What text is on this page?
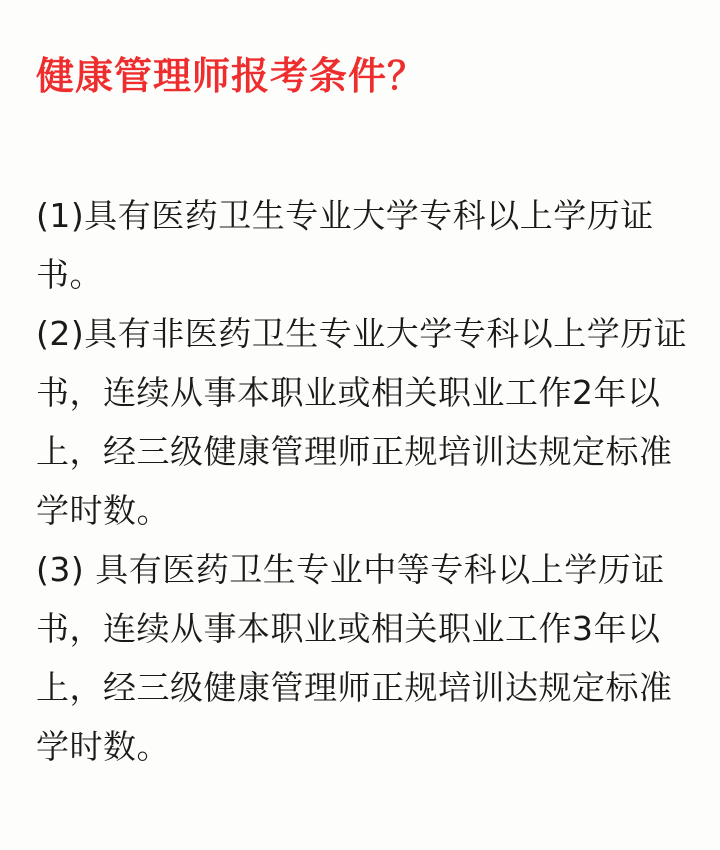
健康管理师报考条件？
(1)具有医药卫生专业大学专科以上学历证
书。
(2)具有非医药卫生专业大学专科以上学历证
书，连续从事本职业或相关职业工作2年以
上，经三级健康管理师正规培训达规定标准
学时数。
(3) 具有医药卫生专业中等专科以上学历证
书，连续从事本职业或相关职业工作3年以
上，经三级健康管理师正规培训达规定标准
学时数。
